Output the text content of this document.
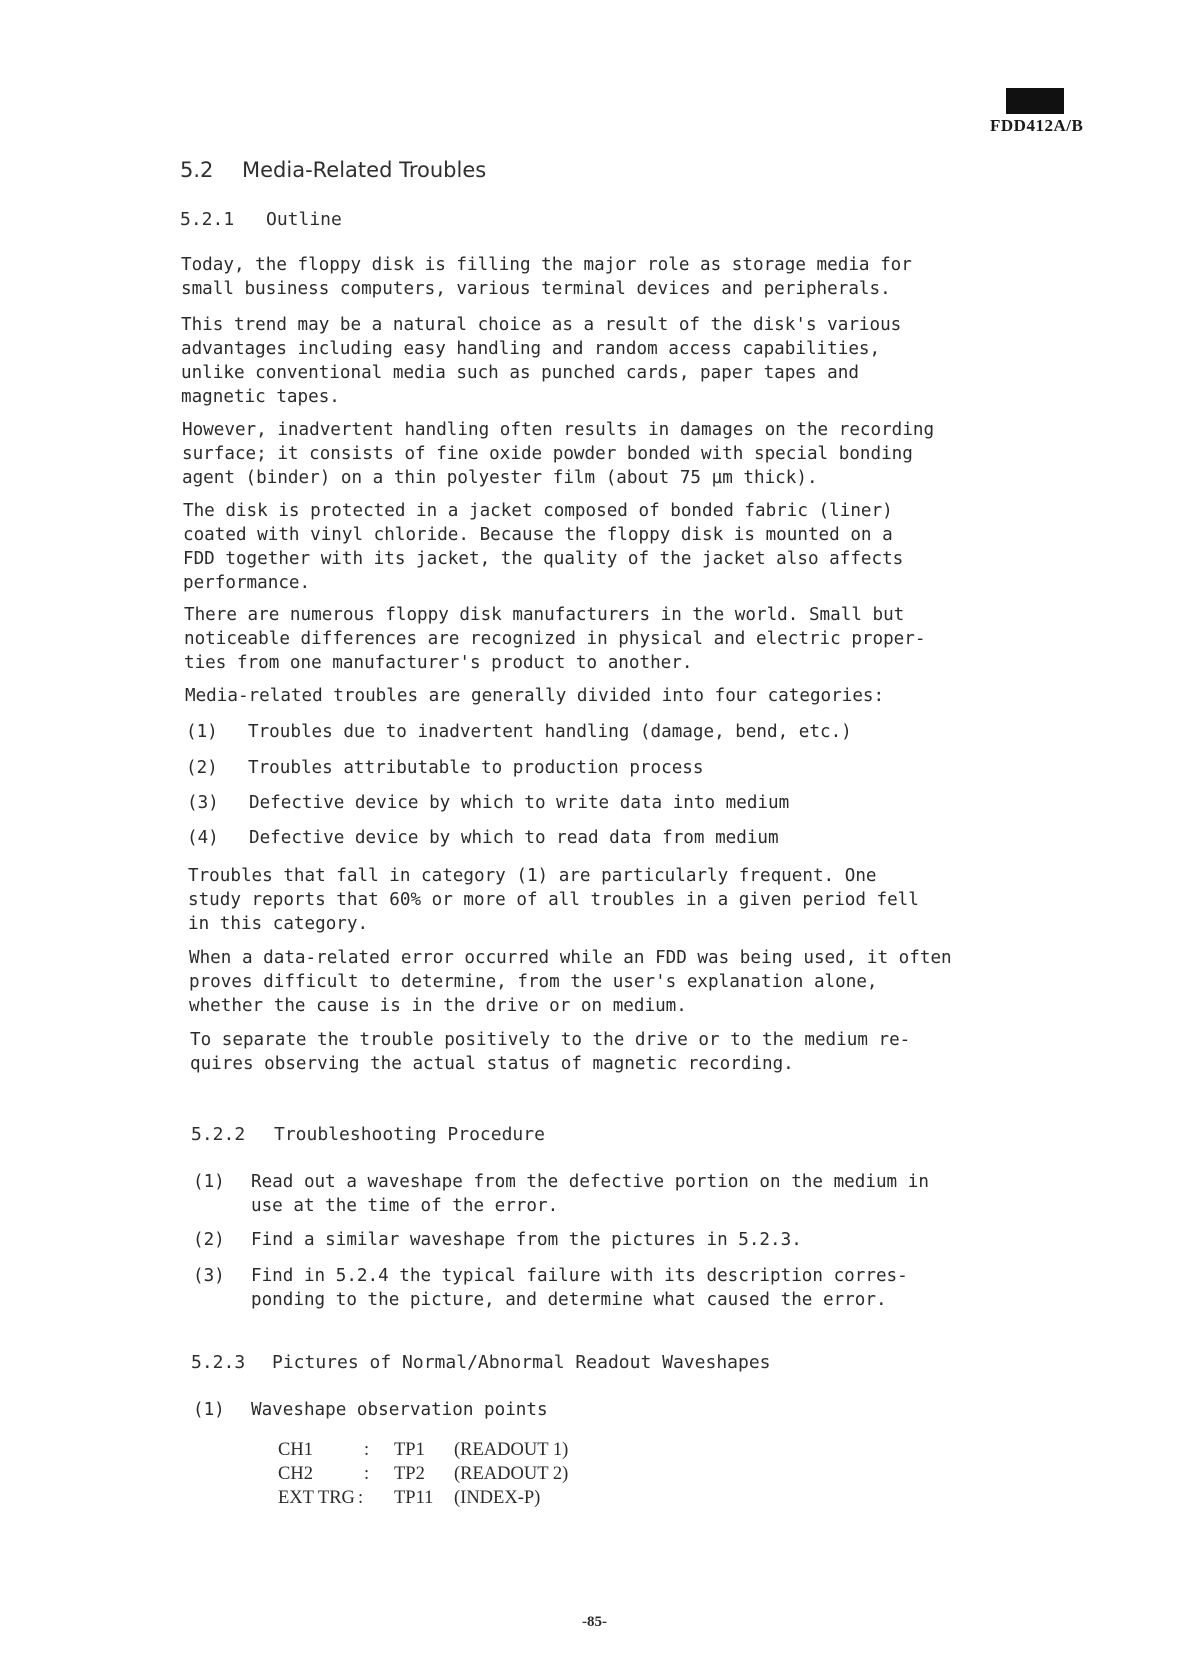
FDD412A/B
5.2 Media-Related Troubles
5.2.1 Outline
Today, the floppy disk is filling the major role as storage media for
small business computers, various terminal devices and peripherals.
This trend may be a natural choice as a result of the disk's various
advantages including easy handling and random access capabilities,
unlike conventional media such as punched cards, paper tapes and
magnetic tapes.
However, inadvertent handling often results in damages on the recording
surface; it consists of fine oxide powder bonded with special bonding
agent (binder) on a thin polyester film (about 75 µm thick).
The disk is protected in a jacket composed of bonded fabric (liner)
coated with vinyl chloride. Because the floppy disk is mounted on a
FDD together with its jacket, the quality of the jacket also affects
performance.
There are numerous floppy disk manufacturers in the world. Small but
noticeable differences are recognized in physical and electric proper-
ties from one manufacturer's product to another.
Media-related troubles are generally divided into four categories:
(1) Troubles due to inadvertent handling (damage, bend, etc.)
(2) Troubles attributable to production process
(3) Defective device by which to write data into medium
(4) Defective device by which to read data from medium
Troubles that fall in category (1) are particularly frequent. One
study reports that 60% or more of all troubles in a given period fell
in this category.
When a data-related error occurred while an FDD was being used, it often
proves difficult to determine, from the user's explanation alone,
whether the cause is in the drive or on medium.
To separate the trouble positively to the drive or to the medium re-
quires observing the actual status of magnetic recording.
5.2.2 Troubleshooting Procedure
(1) Read out a waveshape from the defective portion on the medium in
use at the time of the error.
(2) Find a similar waveshape from the pictures in 5.2.3.
(3) Find in 5.2.4 the typical failure with its description corres-
ponding to the picture, and determine what caused the error.
5.2.3 Pictures of Normal/Abnormal Readout Waveshapes
(1) Waveshape observation points
CH1	: TP1 (READOUT 1)
CH2	: TP2 (READOUT 2)
EXT TRG : TP11 (INDEX-P)
-85-
